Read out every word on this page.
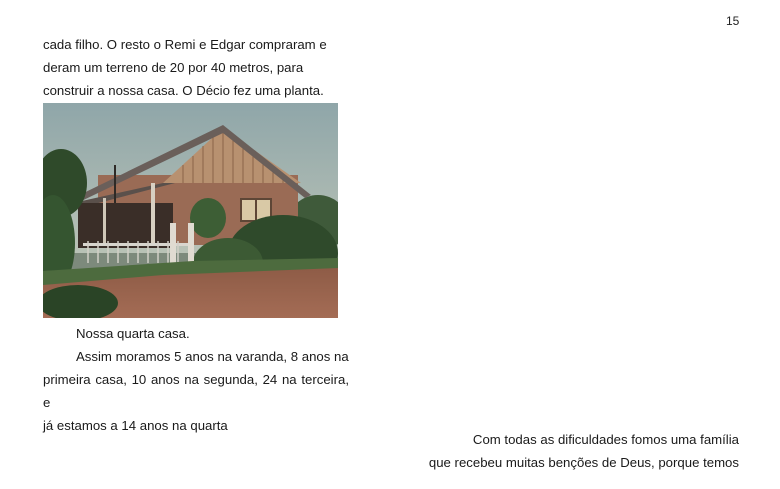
15

cada filho. O resto o Remi e Edgar compraram e

deram um terreno de 20 por 40 metros, para

construir a nossa casa. O Décio fez uma planta.

Nossa quarta casa.

Assim moramos 5 anos na varanda, 8 anos na

primeira casa, 10 anos na segunda, 24 na terceira, e

já estamos a 14 anos na quarta

Com todas as dificuldades fomos uma família

que recebeu muitas benções de Deus, porque temos
